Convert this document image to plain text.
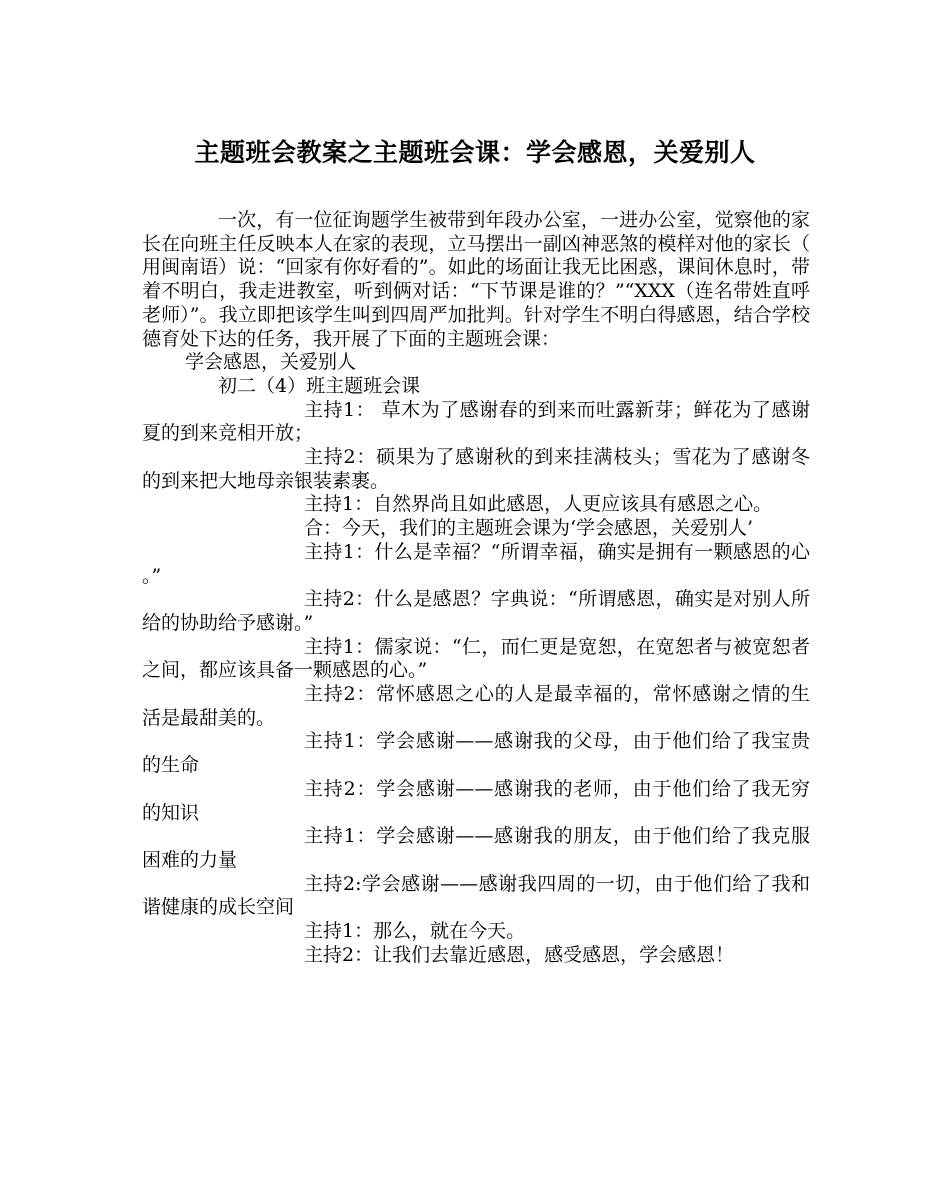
主题班会教案之主题班会课：学会感恩，关爱别人

一次，有一位征询题学生被带到年段办公室，一进办公室，觉察他的家长在向班主任反映本人在家的表现，立马摆出一副凶神恶煞的模样对他的家长（用闽南语）说：“回家有你好看的”。如此的场面让我无比困惑，课间休息时，带着不明白，我走进教室，听到俩对话：“下节课是谁的？”“XXX（连名带姓直呼老师）”。我立即把该学生叫到四周严加批判。针对学生不明白得感恩，结合学校德育处下达的任务，我开展了下面的主题班会课：

学会感恩，关爱别人

初二（4）班主题班会课

主持1： 草木为了感谢春的到来而吐露新芽；鲜花为了感谢夏的到来竞相开放；

主持2：硕果为了感谢秋的到来挂满枝头；雪花为了感谢冬的到来把大地母亲银装素裹。

主持1：自然界尚且如此感恩，人更应该具有感恩之心。

合：今天，我们的主题班会课为‘学会感恩，关爱别人’

主持1：什么是幸福？“所谓幸福，确实是拥有一颗感恩的心。”

主持2：什么是感恩？字典说：“所谓感恩，确实是对别人所给的协助给予感谢。”

主持1：儒家说：“仁，而仁更是宽恕，在宽恕者与被宽恕者之间，都应该具备一颗感恩的心。”

主持2：常怀感恩之心的人是最幸福的，常怀感谢之情的生活是最甜美的。

主持1：学会感谢——感谢我的父母，由于他们给了我宝贵的生命

主持2：学会感谢——感谢我的老师，由于他们给了我无穷的知识

主持1：学会感谢——感谢我的朋友，由于他们给了我克服困难的力量

主持2:学会感谢——感谢我四周的一切，由于他们给了我和谐健康的成长空间

主持1：那么，就在今天。

主持2：让我们去靠近感恩，感受感恩，学会感恩！
